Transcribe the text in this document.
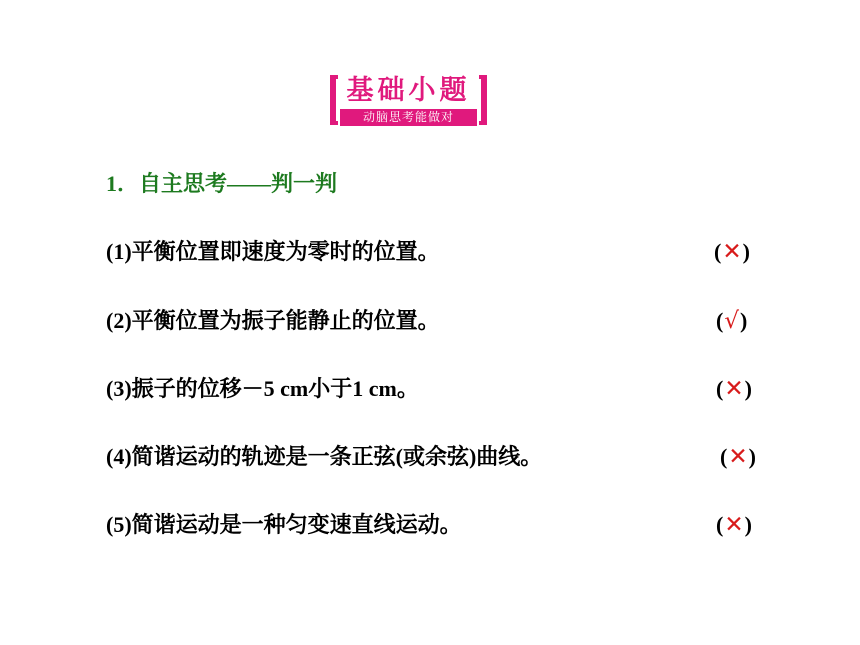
基础小题
动脑思考能做对
1．自主思考——判一判
(1)平衡位置即速度为零时的位置。	(✕)
(2)平衡位置为振子能静止的位置。	(√)
(3)振子的位移－5 cm小于1 cm。	(✕)
(4)简谐运动的轨迹是一条正弦(或余弦)曲线。	(✕)
(5)简谐运动是一种匀变速直线运动。	(✕)
